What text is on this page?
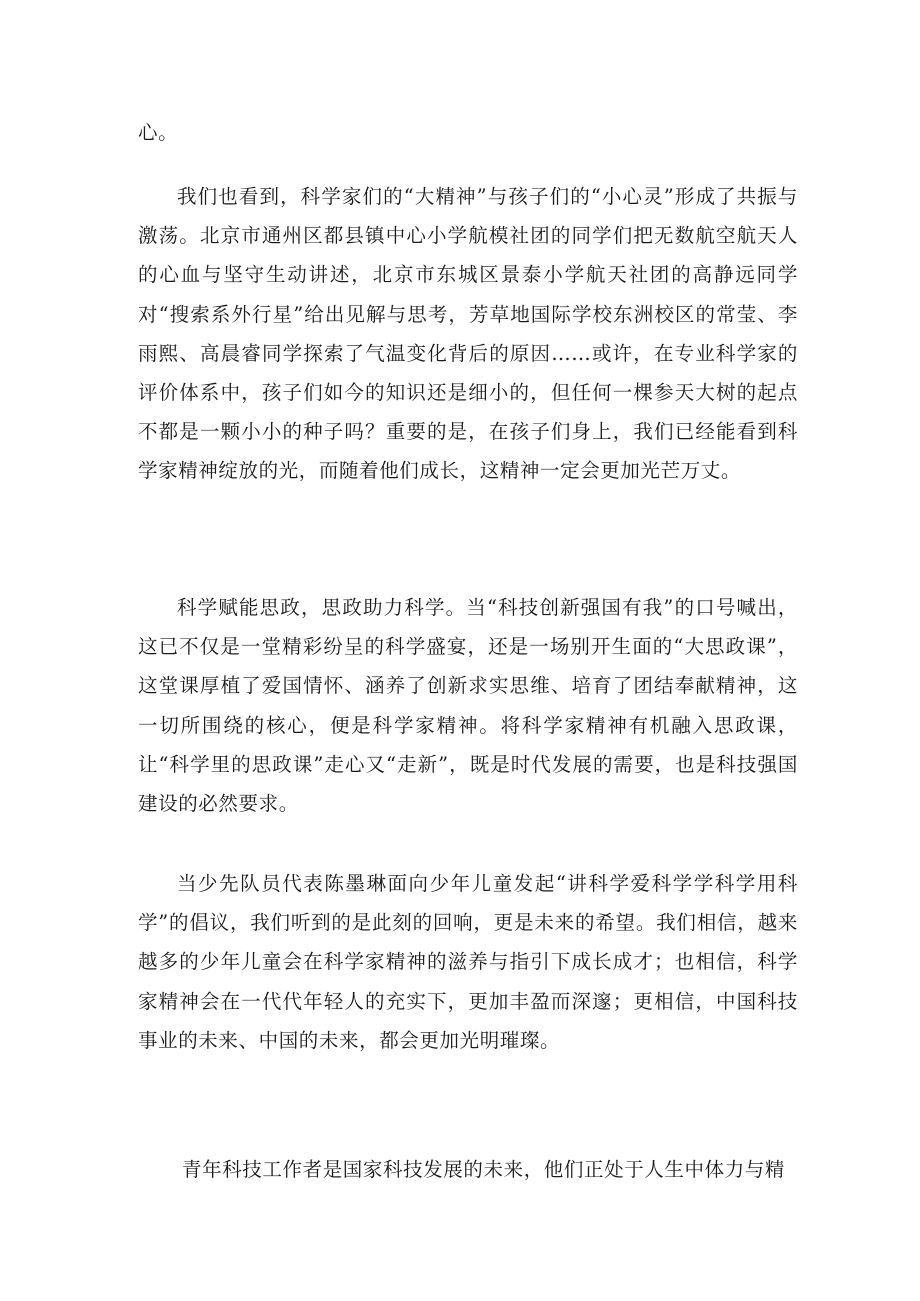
心。

我们也看到，科学家们的“大精神”与孩子们的“小心灵”形成了共振与激荡。北京市通州区都县镇中心小学航模社团的同学们把无数航空航天人的心血与坚守生动讲述，北京市东城区景泰小学航天社团的高静远同学对“搜索系外行星”给出见解与思考，芳草地国际学校东洲校区的常莹、李雨熙、高晨睿同学探索了气温变化背后的原因……或许，在专业科学家的评价体系中，孩子们如今的知识还是细小的，但任何一棵参天大树的起点不都是一颗小小的种子吗？重要的是，在孩子们身上，我们已经能看到科学家精神绽放的光，而随着他们成长，这精神一定会更加光芒万丈。

科学赋能思政，思政助力科学。当“科技创新强国有我”的口号喊出，这已不仅是一堂精彩纷呈的科学盛宴，还是一场别开生面的“大思政课”，这堂课厚植了爱国情怀、涵养了创新求实思维、培育了团结奉献精神，这一切所围绕的核心，便是科学家精神。将科学家精神有机融入思政课，让“科学里的思政课”走心又“走新”，既是时代发展的需要，也是科技强国建设的必然要求。

当少先队员代表陈墨琳面向少年儿童发起“讲科学爱科学学科学用科学”的倡议，我们听到的是此刻的回响，更是未来的希望。我们相信，越来越多的少年儿童会在科学家精神的滋养与指引下成长成才；也相信，科学家精神会在一代代年轻人的充实下，更加丰盈而深邃；更相信，中国科技事业的未来、中国的未来，都会更加光明璀璨。

青年科技工作者是国家科技发展的未来，他们正处于人生中体力与精
